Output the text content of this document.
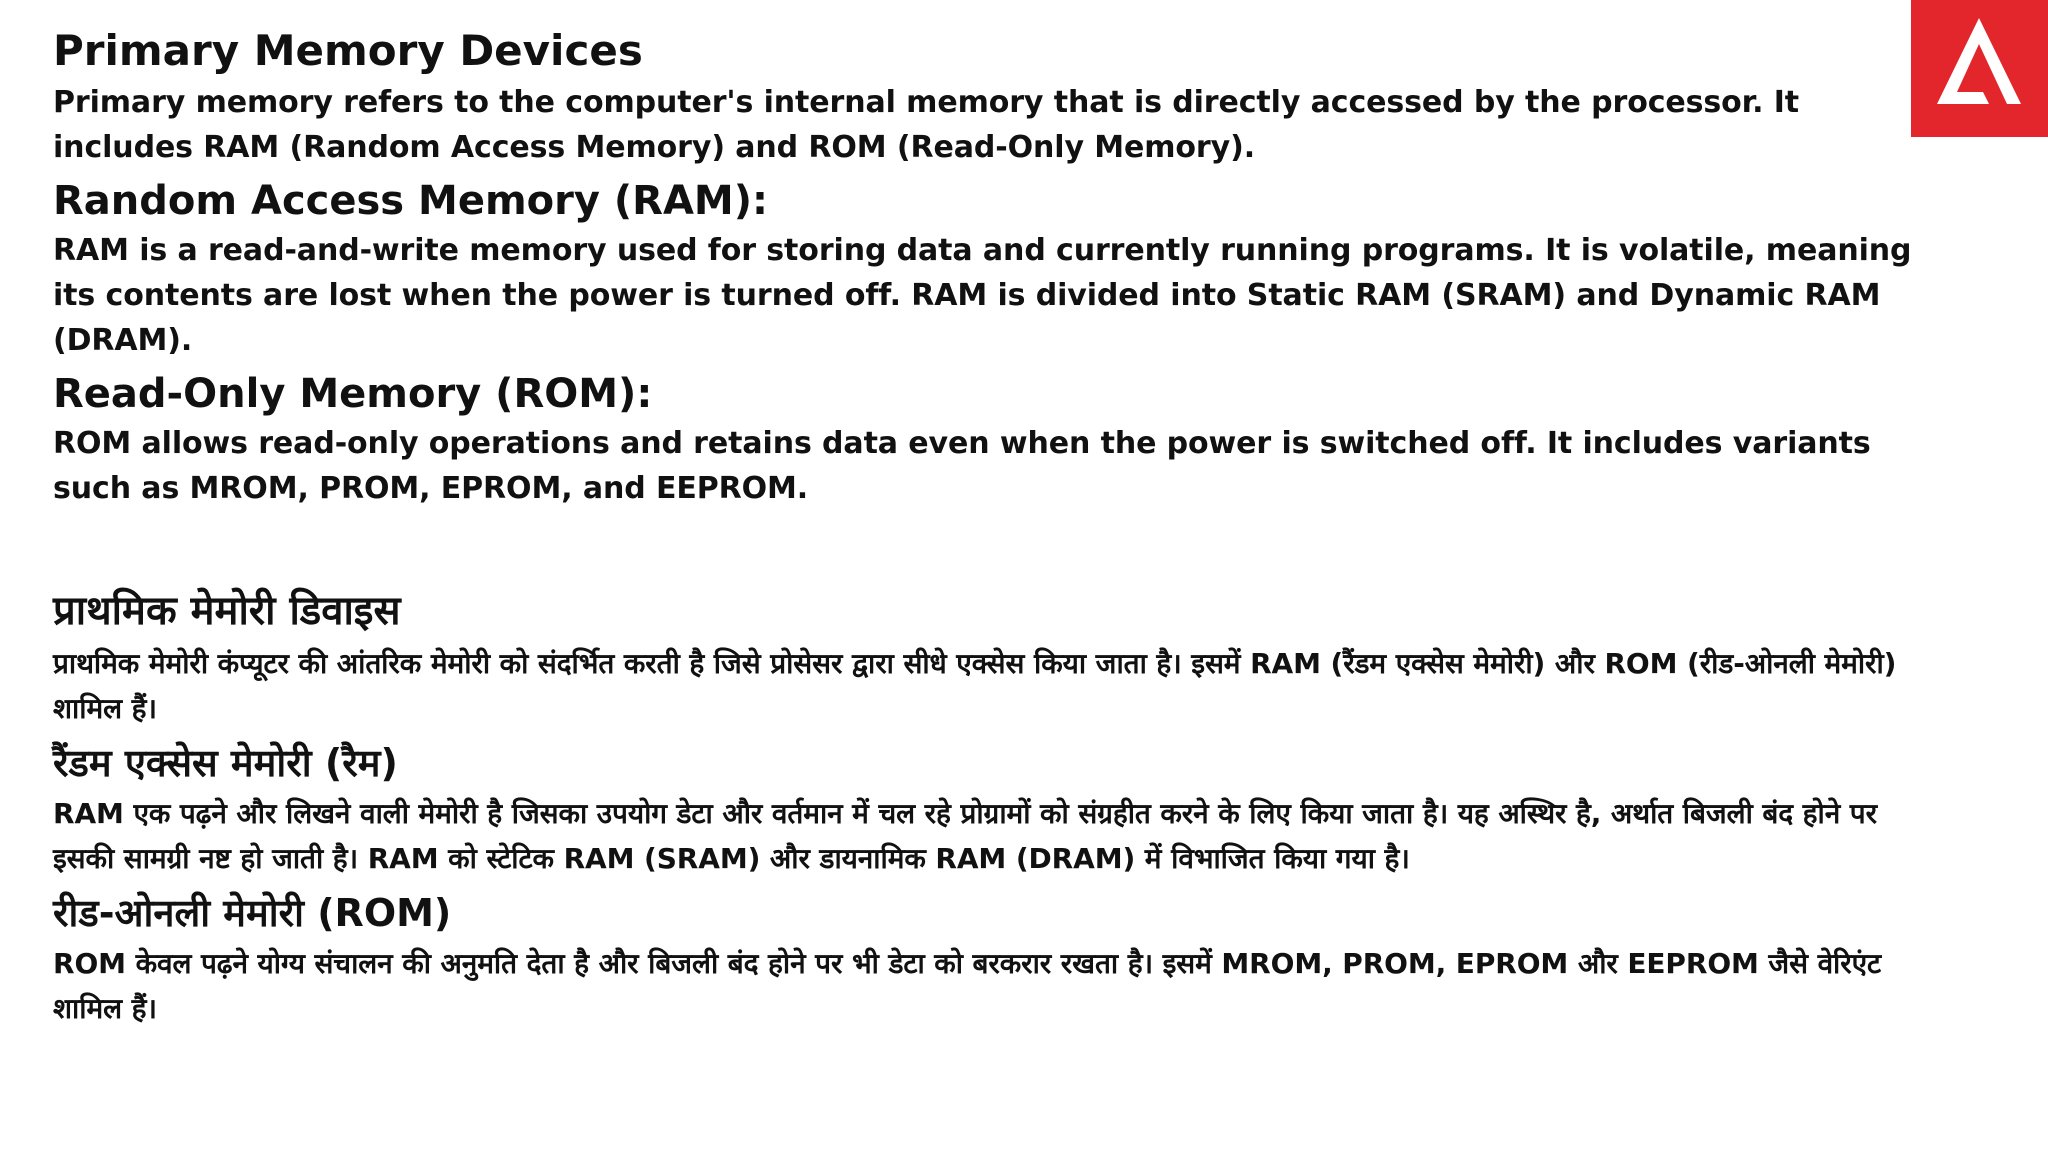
Primary Memory Devices

Primary memory refers to the computer's internal memory that is directly accessed by the processor. It includes RAM (Random Access Memory) and ROM (Read-Only Memory).

Random Access Memory (RAM):

RAM is a read-and-write memory used for storing data and currently running programs. It is volatile, meaning its contents are lost when the power is turned off. RAM is divided into Static RAM (SRAM) and Dynamic RAM (DRAM).

Read-Only Memory (ROM):

ROM allows read-only operations and retains data even when the power is switched off. It includes variants such as MROM, PROM, EPROM, and EEPROM.

प्राथमिक मेमोरी डिवाइस

प्राथमिक मेमोरी कंप्यूटर की आंतरिक मेमोरी को संदर्भित करती है जिसे प्रोसेसर द्वारा सीधे एक्सेस किया जाता है। इसमें RAM (रैंडम एक्सेस मेमोरी) और ROM (रीड-ओनली मेमोरी) शामिल हैं।

रैंडम एक्सेस मेमोरी (रैम)

RAM एक पढ़ने और लिखने वाली मेमोरी है जिसका उपयोग डेटा और वर्तमान में चल रहे प्रोग्रामों को संग्रहीत करने के लिए किया जाता है। यह अस्थिर है, अर्थात बिजली बंद होने पर इसकी सामग्री नष्ट हो जाती है। RAM को स्टेटिक RAM (SRAM) और डायनामिक RAM (DRAM) में विभाजित किया गया है।

रीड-ओनली मेमोरी (ROM)

ROM केवल पढ़ने योग्य संचालन की अनुमति देता है और बिजली बंद होने पर भी डेटा को बरकरार रखता है। इसमें MROM, PROM, EPROM और EEPROM जैसे वेरिएंट शामिल हैं।
